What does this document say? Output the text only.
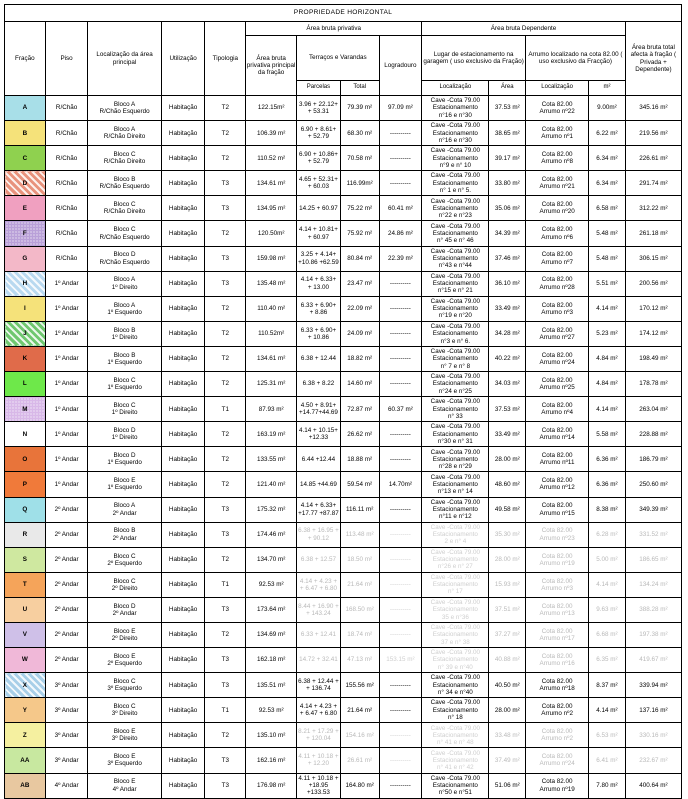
PROPRIEDADE HORIZONTAL													
Fração	Piso	Localização da área principal	Utilização	Tipologia	Área bruta privativa				Área bruta Dependente				Área bruta total afecta à fração ( Privada + Dependente)
					Área bruta privativa principal da fração	Terraços e Varandas		Logradouro	Lugar de estacionamento na garagem ( uso exclusivo da Fração)		Arrumo localizado na cota 82.00 ( uso exclusivo da Fracção)		
						Parcelas	Total		Localização	Área	Localização	m²	
A	R/Chão	Bloco A
R/Chão Esquerdo	Habitação	T2	122.15m²	3.96 + 22.12+
+ 53.31	79.39 m²	97.09 m²	Cave -Cota 79.00
Estacionamento
n°16 e n°30	37.53 m²	Cota 82.00
Arrumo nº22	9.00m²	345.16 m²
B	R/Chão	Bloco A
R/Chão Direito	Habitação	T2	106.39 m²	6.90 + 8.61+
+ 52.79	68.30 m²	----------	Cave -Cota 79.00
Estacionamento
n°16 e n°30	38.65 m²	Cota 82.00
Arrumo nº1	6.22 m²	219.56 m²
C	R/Chão	Bloco C
R/Chão Direito	Habitação	T2	110.52 m²	6.90 + 10.86+
+ 52.79	70.58 m²	----------	Cave -Cota 79.00
Estacionamento
n°9 e n° 10	39.17 m²	Cota 82.00
Arrumo nº8	6.34 m²	226.61 m²
D	R/Chão	Bloco B
R/Chão Esquerdo	Habitação	T3	134.61 m²	4.65 + 52.31+
+ 60.03	116.99m²	----------	Cave -Cota 79.00
Estacionamento
n° 1 e n° 5.	33.80 m²	Cota 82.00
Arrumo nº21	6.34 m²	291.74 m²
E	R/Chão	Bloco C
R/Chão Direito	Habitação	T3	134.95 m²	14.25 + 60.97	75.22 m²	60.41 m²	Cave -Cota 79.00
Estacionamento
n°22 e n°23	35.06 m²	Cota 82.00
Arrumo nº20	6.58 m²	312.22 m²
F	R/Chão	Bloco C
R/Chão Esquerdo	Habitação	T2	120.50m²	4.14 + 10.81+
+ 60.97	75.92 m²	24.86 m²	Cave -Cota 79.00
Estacionamento
n° 45 e n° 46	34.39 m²	Cota 82.00
Arrumo nº6	5.48 m²	261.18 m²
G	R/Chão	Bloco D
R/Chão Esquerdo	Habitação	T3	159.98 m²	3.25 + 4.14+
+10.86 +62.59	80.84 m²	22.39 m²	Cave -Cota 79.00
Estacionamento
n°43 e n°44	37.46 m²	Cota 82.00
Arrumo nº7	5.48 m²	306.15 m²
H	1º Andar	Bloco A
1º Direito	Habitação	T3	135.48 m²	4.14 + 6.33+
+ 13.00	23.47 m²	----------	Cave -Cota 79.00
Estacionamento
n°15 e n° 21	36.10 m²	Cota 82.00
Arrumo nº28	5.51 m²	200.56 m²
I	1º Andar	Bloco A
1º Esquerdo	Habitação	T2	110.40 m²	6.33 + 6.90+
+ 8.86	22.09 m²	----------	Cave -Cota 79.00
Estacionamento
n°19 e n°20	33.49 m²	Cota 82.00
Arrumo nº3	4.14 m²	170.12 m²
J	1º Andar	Bloco B
1º Direito	Habitação	T2	110.52m²	6.33 + 6.90+
+ 10.86	24.09 m²	----------	Cave -Cota 79.00
Estacionamento
n°3 e n° 6.	34.28 m²	Cota 82.00
Arrumo nº27	5.23 m²	174.12 m²
K	1º Andar	Bloco B
1º Esquerdo	Habitação	T2	134.61 m²	6.38 + 12.44	18.82 m²	----------	Cave -Cota 79.00
Estacionamento
n° 7 e n° 8	40.22 m²	Cota 82.00
Arrumo nº24	4.84 m²	198.49 m²
L	1º Andar	Bloco C
1º Esquerdo	Habitação	T2	125.31 m²	6.38 + 8.22	14.60 m²	----------	Cave -Cota 79.00
Estacionamento
n°24 e n°25	34.03 m²	Cota 82.00
Arrumo nº25	4.84 m²	178.78 m²
M	1º Andar	Bloco C
1º Direito	Habitação	T1	87.93 m²	4.50 + 8.91+
+14.77+44.69	72.87 m²	60.37 m²	Cave -Cota 79.00
Estacionamento
n° 33	37.53 m²	Cota 82.00
Arrumo nº4	4.14 m²	263.04 m²
N	1º Andar	Bloco D
1º Direito	Habitação	T2	163.19 m²	4.14 + 10.15+
+12.33	26.62 m²	----------	Cave -Cota 79.00
Estacionamento
n°30 e n° 31	33.49 m²	Cota 82.00
Arrumo nº14	5.58 m²	228.88 m²
O	1º Andar	Bloco D
1º Esquerdo	Habitação	T2	133.55 m²	6.44 +12.44	18.88 m²	----------	Cave -Cota 79.00
Estacionamento
n°28 e n°29	28.00 m²	Cota 82.00
Arrumo nº11	6.36 m²	186.79 m²
P	1º Andar	Bloco E
1º Esquerdo	Habitação	T2	121.40 m²	14.85 +44.69	59.54 m²	14.70m²	Cave -Cota 79.00
Estacionamento
n°13 e n° 14	48.60 m²	Cota 82.00
Arrumo nº12	6.36 m²	250.60 m²
Q	2º Andar	Bloco A
2º Andar	Habitação	T3	175.32 m²	4.14 + 6.33+
+17.77 +87.87	116.11 m²	----------	Cave -Cota 79.00
Estacionamento
n°11 e n°12	49.58 m²	Cota 82.00
Arrumo nº15	8.38 m²	349.39 m²
R	2º Andar	Bloco B
2º Andar	Habitação	T3	174.46 m²	6.38 + 16.95 +
+ 90.12	113.48 m²	----------	Cave -Cota 79.00
Estacionamento
2 e n° 4	35.30 m²	Cota 82.00
Arrumo nº23	6.28 m²	331.52 m²
S	2º Andar	Bloco C
2º Esquerdo	Habitação	T2	134.70 m²	6.38 + 12.57	18.50 m²	----------	Cave -Cota 79.00
Estacionamento
n°26 e n° 27	28.00 m²	Cota 82.00
Arrumo nº19	5.00 m²	186.65 m²
T	2º Andar	Bloco C
2º Direito	Habitação	T1	92.53 m²	4.14 + 4.23 +
+ 6.47 + 6.80	21.64 m²	----------	Cave -Cota 79.00
Estacionamento
n° 17	15.93 m²	Cota 82.00
Arrumo nº3	4.14 m²	134.24 m²
U	2º Andar	Bloco D
2º Andar	Habitação	T3	173.64 m²	8.44 + 16.90 +
+ 143.24	168.50 m²	----------	Cave -Cota 79.00
Estacionamento
35 e n°36	37.51 m²	Cota 82.00
Arrumo nº13	9.63 m²	388.28 m²
V	2º Andar	Bloco E
2º Direito	Habitação	T2	134.69 m²	6.33 + 12.41	18.74 m²	----------	Cave -Cota 79.00
Estacionamento
37 e n° 38	37.27 m²	Cota 82.00
Arrumo nº17	6.68 m²	197.38 m²
W	2º Andar	Bloco E
2º Esquerdo	Habitação	T3	162.18 m²	14.72 + 32.41	47.13 m²	153.15 m²	Cave -Cota 79.00
Estacionamento
n° 39 e n°40	40.88 m²	Cota 82.00
Arrumo nº16	6.35 m²	419.67 m²
X	3º Andar	Bloco C
3º Esquerdo	Habitação	T3	135.51 m²	6.38 + 12.44 +
+ 136.74	155.56 m²	----------	Cave -Cota 79.00
Estacionamento
n° 34 e n°40	40.50 m²	Cota 82.00
Arrumo nº18	8.37 m²	339.94 m²
Y	3º Andar	Bloco C
3º Direito	Habitação	T1	92.53 m²	4.14 + 4.23 +
+ 6.47 + 6.80	21.64 m²	----------	Cave -Cota 79.00
Estacionamento
n° 18	28.00 m²	Cota 82.00
Arrumo nº2	4.14 m²	137.16 m²
Z	3º Andar	Bloco E
3º Direito	Habitação	T2	135.10 m²	8.21 + 17.29 +
+ 120.04	154.16 m²	----------	Cave -Cota 79.00
Estacionamento
n° 41 e n° 48	33.48 m²	Cota 82.00
Arrumo nº2	6.53 m²	330.16 m²
AA	3º Andar	Bloco E
3º Esquerdo	Habitação	T3	162.16 m²	4.11 + 10.18 +
+ 12.20	26.61 m²	----------	Cave -Cota 79.00
Estacionamento
n° 41 e n° 42	37.49 m²	Cota 82.00
Arrumo nº24	6.41 m²	232.67 m²
AB	4º Andar	Bloco E
4º Andar	Habitação	T3	176.98 m²	4.11 + 10.18 +
+18.95 +133.53	164.80 m²	----------	Cave -Cota 79.00
Estacionamento
n°50 e n°51	51.06 m²	Cota 82.00
Arrumo nº19	7.80 m²	400.64 m²
